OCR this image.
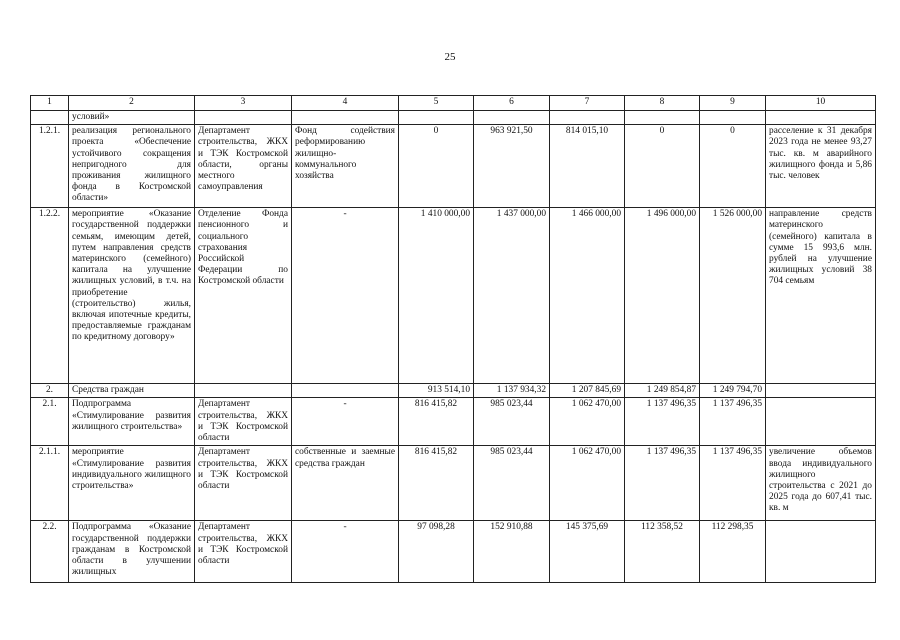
25
1	2	3	4	5	6	7	8	9	10
	условий»								
1.2.1.	реализация регионального проекта «Обеспечение устойчивого сокращения непригодного для проживания жилищного фонда в Костромской области»	Департамент строительства, ЖКХ и ТЭК Костромской области, органы местного самоуправления	Фонд содействия реформированию жилищно-коммунального хозяйства	0	963 921,50	814 015,10	0	0	расселение к 31 декабря 2023 года не менее 93,27 тыс. кв. м аварийного жилищного фонда и 5,86 тыс. человек
1.2.2.	мероприятие «Оказание государственной поддержки семьям, имеющим детей, путем направления средств материнского (семейного) капитала на улучшение жилищных условий, в т.ч. на приобретение (строительство) жилья, включая ипотечные кредиты, предоставляемые гражданам по кредитному договору»	Отделение Фонда пенсионного и социального страхования Российской Федерации по Костромской области	-	1 410 000,00	1 437 000,00	1 466 000,00	1 496 000,00	1 526 000,00	направление средств материнского (семейного) капитала в сумме 15 993,6 млн. рублей на улучшение жилищных условий 38 704 семьям
2.	Средства граждан			913 514,10	1 137 934,32	1 207 845,69	1 249 854,87	1 249 794,70	
2.1.	Подпрограмма «Стимулирование развития жилищного строительства»	Департамент строительства, ЖКХ и ТЭК Костромской области	-	816 415,82	985 023,44	1 062 470,00	1 137 496,35	1 137 496,35	
2.1.1.	мероприятие «Стимулирование развития индивидуального жилищного строительства»	Департамент строительства, ЖКХ и ТЭК Костромской области	собственные и заемные средства граждан	816 415,82	985 023,44	1 062 470,00	1 137 496,35	1 137 496,35	увеличение объемов ввода индивидуального жилищного строительства с 2021 до 2025 года до 607,41 тыс. кв. м
2.2.	Подпрограмма «Оказание государственной поддержки гражданам в Костромской области в улучшении жилищных	Департамент строительства, ЖКХ и ТЭК Костромской области	-	97 098,28	152 910,88	145 375,69	112 358,52	112 298,35	
